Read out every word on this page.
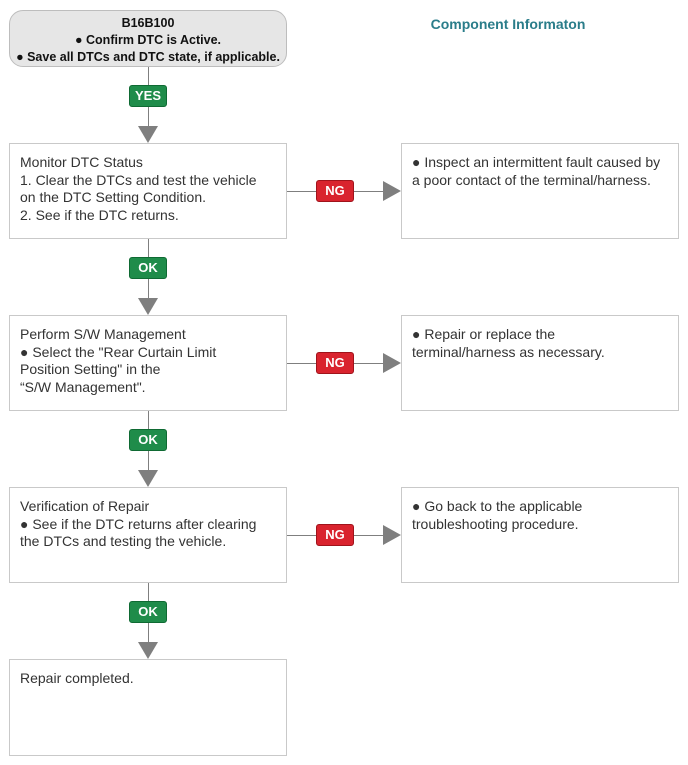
B16B100
● Confirm DTC is Active.
● Save all DTCs and DTC state, if applicable.
Component Informaton
YES
Monitor DTC Status
1. Clear the DTCs and test the vehicle
on the DTC Setting Condition.
2. See if the DTC returns.
NG
● Inspect an intermittent fault caused by
a poor contact of the terminal/harness.
OK
Perform S/W Management
● Select the "Rear Curtain Limit
Position Setting" in the
“S/W Management".
NG
● Repair or replace the
terminal/harness as necessary.
OK
Verification of Repair
● See if the DTC returns after clearing
the DTCs and testing the vehicle.	NG
● Go back to the applicable
troubleshooting procedure.
OK
Repair completed.
